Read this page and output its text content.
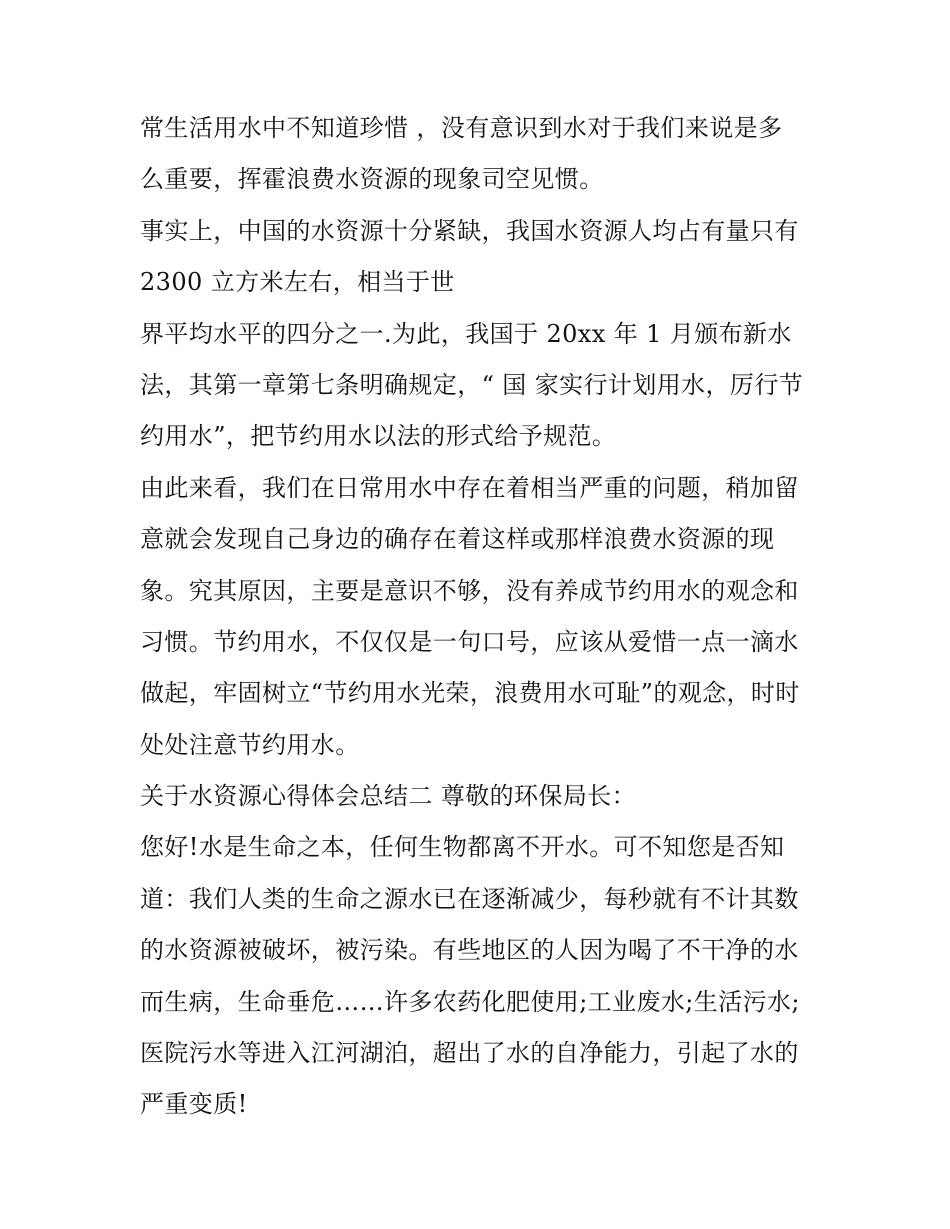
常生活用水中不知道珍惜 ，没有意识到水对于我们来说是多
么重要，挥霍浪费水资源的现象司空见惯。
事实上，中国的水资源十分紧缺，我国水资源人均占有量只有
2300 立方米左右，相当于世
界平均水平的四分之一.为此，我国于 20xx 年 1 月颁布新水
法，其第一章第七条明确规定，“ 国 家实行计划用水，厉行节
约用水”，把节约用水以法的形式给予规范。
由此来看，我们在日常用水中存在着相当严重的问题，稍加留
意就会发现自己身边的确存在着这样或那样浪费水资源的现
象。究其原因，主要是意识不够，没有养成节约用水的观念和
习惯。节约用水，不仅仅是一句口号，应该从爱惜一点一滴水
做起，牢固树立“节约用水光荣，浪费用水可耻”的观念，时时
处处注意节约用水。
关于水资源心得体会总结二 尊敬的环保局长：
您好!水是生命之本，任何生物都离不开水。可不知您是否知
道：我们人类的生命之源水已在逐渐减少，每秒就有不计其数
的水资源被破坏，被污染。有些地区的人因为喝了不干净的水
而生病，生命垂危……许多农药化肥使用;工业废水;生活污水;
医院污水等进入江河湖泊，超出了水的自净能力，引起了水的
严重变质!
